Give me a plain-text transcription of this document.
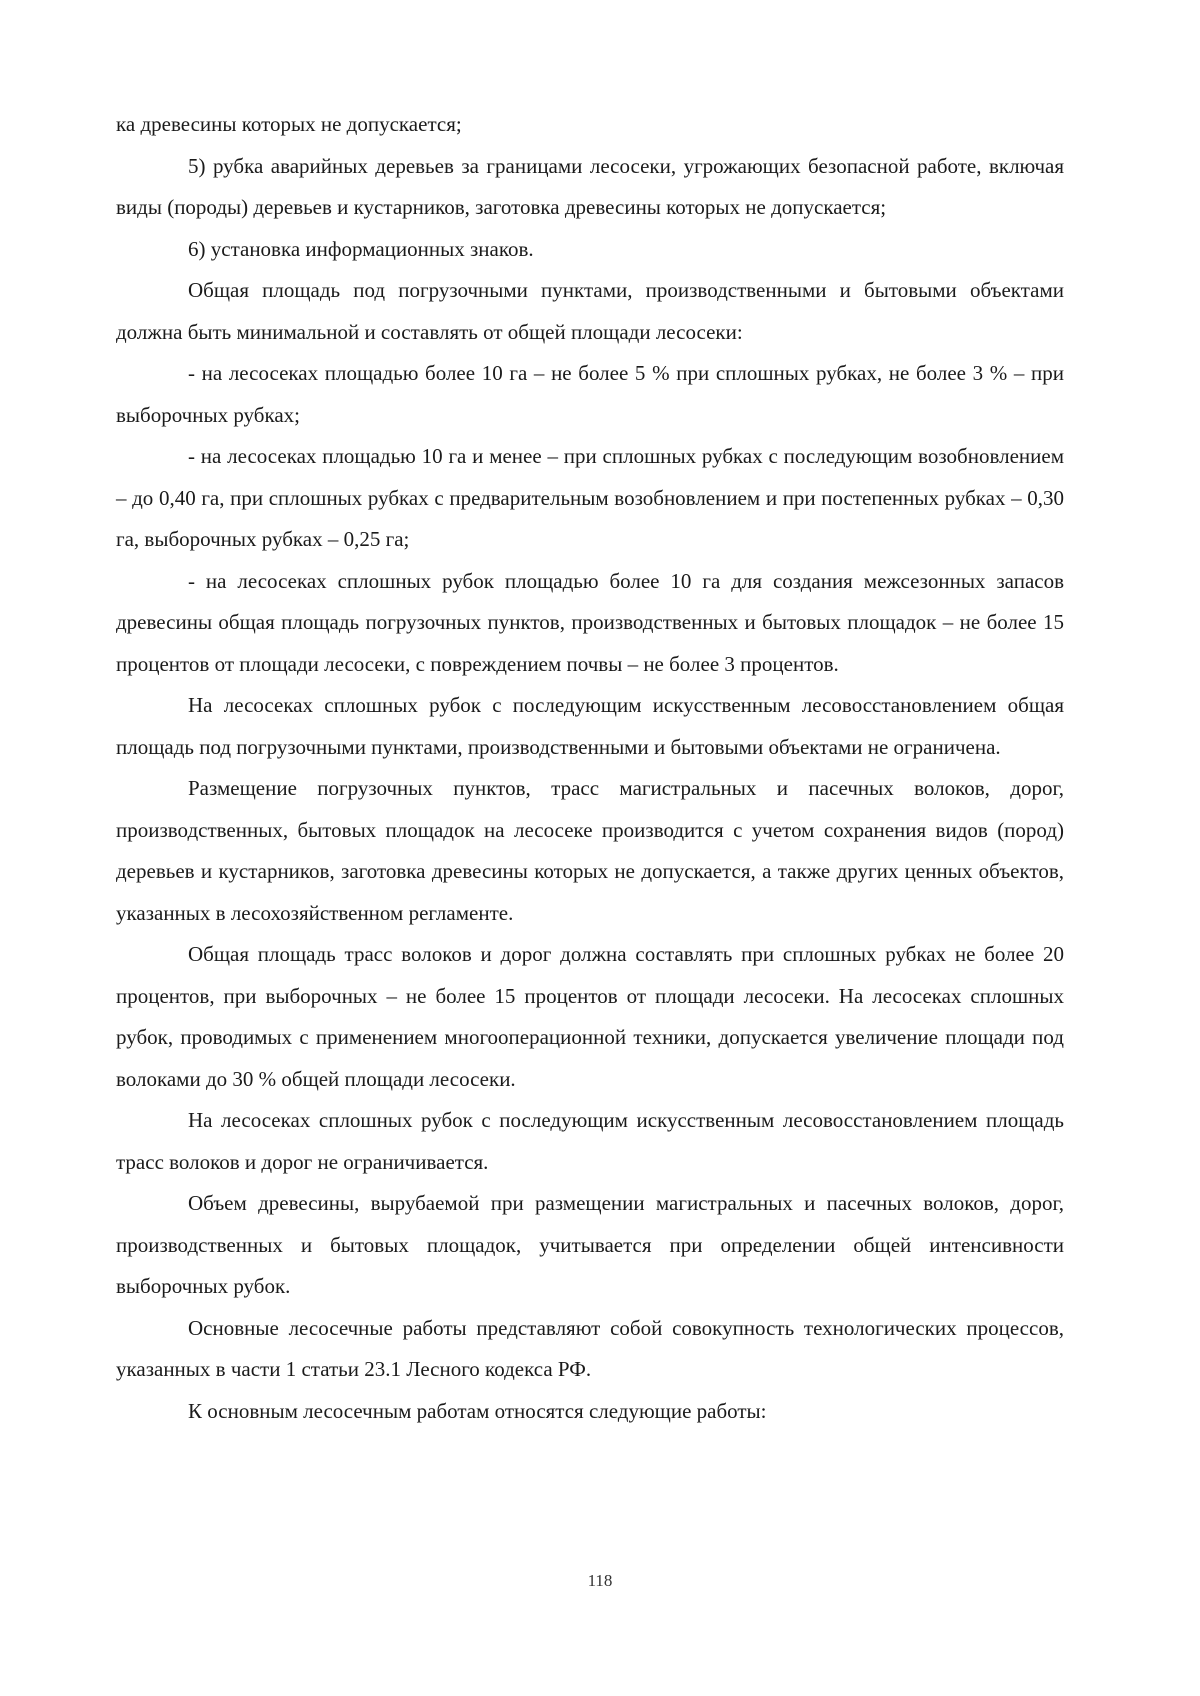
ка древесины которых не допускается;

5) рубка аварийных деревьев за границами лесосеки, угрожающих безопасной работе, включая виды (породы) деревьев и кустарников, заготовка древесины которых не допускается;

6) установка информационных знаков.

Общая площадь под погрузочными пунктами, производственными и бытовыми объектами должна быть минимальной и составлять от общей площади лесосеки:

- на лесосеках площадью более 10 га – не более 5 % при сплошных рубках, не более 3 % – при выборочных рубках;

- на лесосеках площадью 10 га и менее – при сплошных рубках с последующим возобновлением – до 0,40 га, при сплошных рубках с предварительным возобновлением и при постепенных рубках – 0,30 га, выборочных рубках – 0,25 га;

- на лесосеках сплошных рубок площадью более 10 га для создания межсезонных запасов древесины общая площадь погрузочных пунктов, производственных и бытовых площадок – не более 15 процентов от площади лесосеки, с повреждением почвы – не более 3 процентов.

На лесосеках сплошных рубок с последующим искусственным лесовосстановлением общая площадь под погрузочными пунктами, производственными и бытовыми объектами не ограничена.

Размещение погрузочных пунктов, трасс магистральных и пасечных волоков, дорог, производственных, бытовых площадок на лесосеке производится с учетом сохранения видов (пород) деревьев и кустарников, заготовка древесины которых не допускается, а также других ценных объектов, указанных в лесохозяйственном регламенте.

Общая площадь трасс волоков и дорог должна составлять при сплошных рубках не более 20 процентов, при выборочных – не более 15 процентов от площади лесосеки. На лесосеках сплошных рубок, проводимых с применением многооперационной техники, допускается увеличение площади под волоками до 30 % общей площади лесосеки.

На лесосеках сплошных рубок с последующим искусственным лесовосстановлением площадь трасс волоков и дорог не ограничивается.

Объем древесины, вырубаемой при размещении магистральных и пасечных волоков, дорог, производственных и бытовых площадок, учитывается при определении общей интенсивности выборочных рубок.

Основные лесосечные работы представляют собой совокупность технологических процессов, указанных в части 1 статьи 23.1 Лесного кодекса РФ.

К основным лесосечным работам относятся следующие работы:

118
